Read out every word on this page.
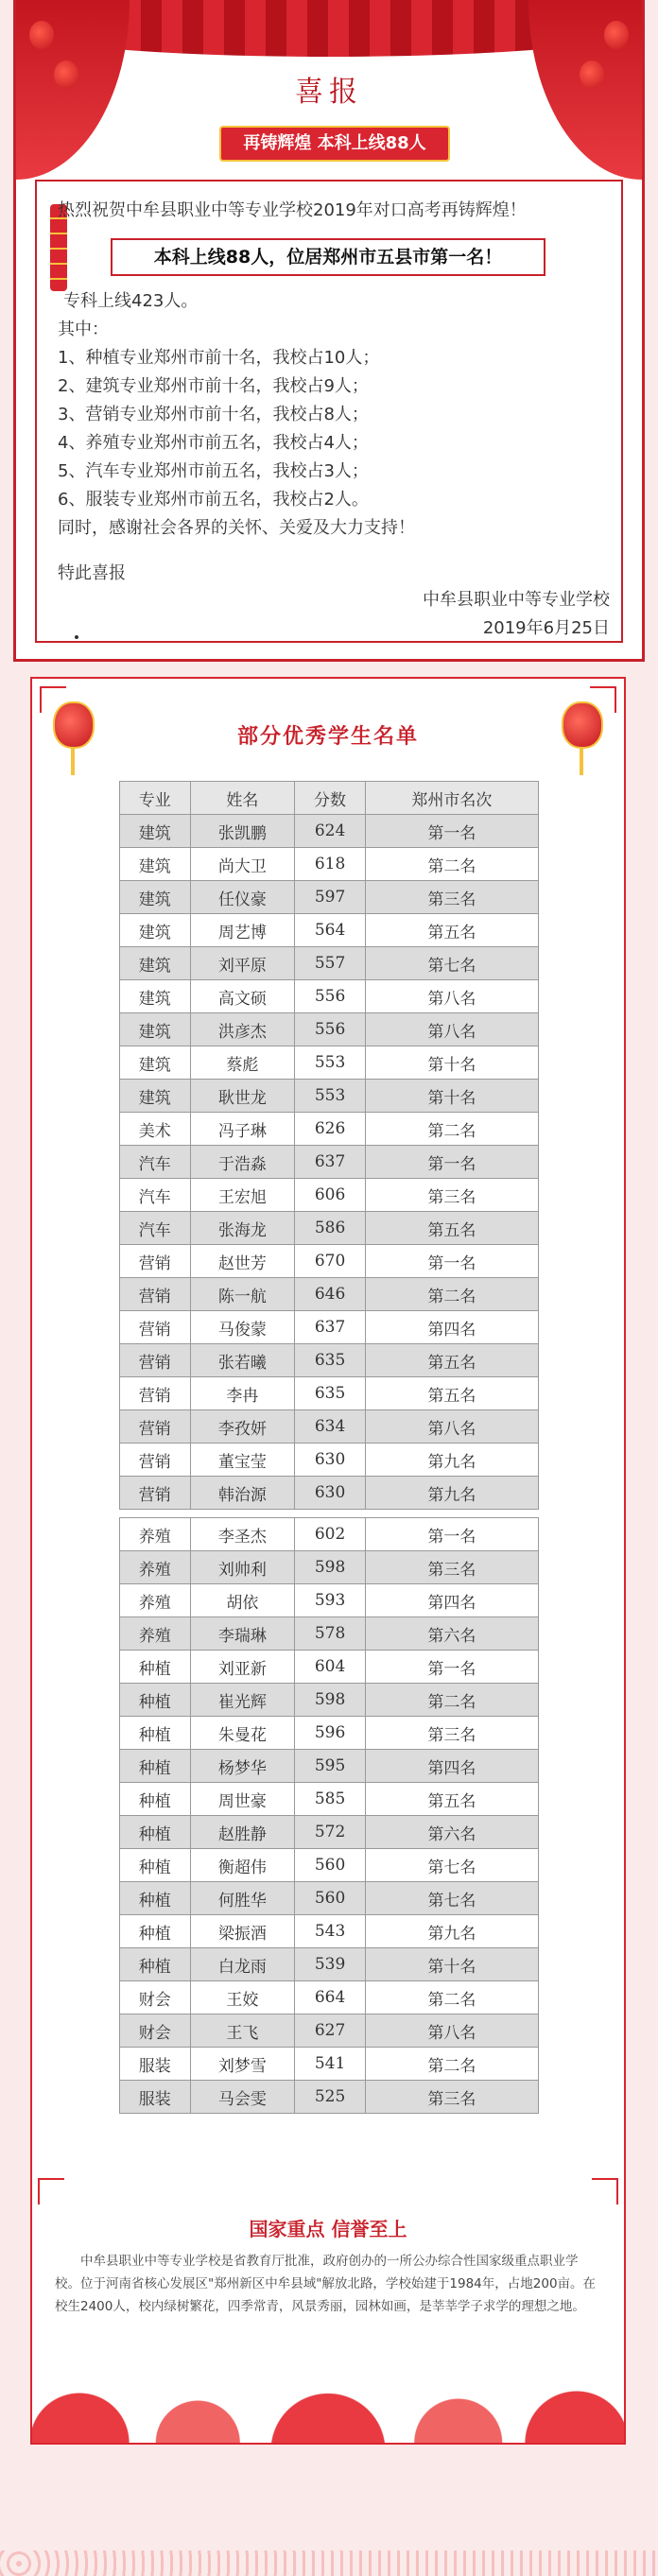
喜报
再铸辉煌 本科上线88人
热烈祝贺中牟县职业中等专业学校2019年对口高考再铸辉煌！
本科上线88人，位居郑州市五县市第一名！
专科上线423人。
其中：
1、种植专业郑州市前十名，我校占10人；
2、建筑专业郑州市前十名，我校占9人；
3、营销专业郑州市前十名，我校占8人；
4、养殖专业郑州市前五名，我校占4人；
5、汽车专业郑州市前五名，我校占3人；
6、服装专业郑州市前五名，我校占2人。
同时，感谢社会各界的关怀、关爱及大力支持！
特此喜报
中牟县职业中等专业学校
2019年6月25日
部分优秀学生名单
专业	姓名	分数	郑州市名次
建筑	张凯鹏	624	第一名
建筑	尚大卫	618	第二名
建筑	任仪豪	597	第三名
建筑	周艺博	564	第五名
建筑	刘平原	557	第七名
建筑	高文硕	556	第八名
建筑	洪彦杰	556	第八名
建筑	蔡彪	553	第十名
建筑	耿世龙	553	第十名
美术	冯子琳	626	第二名
汽车	于浩淼	637	第一名
汽车	王宏旭	606	第三名
汽车	张海龙	586	第五名
营销	赵世芳	670	第一名
营销	陈一航	646	第二名
营销	马俊蒙	637	第四名
营销	张若曦	635	第五名
营销	李冉	635	第五名
营销	李孜妍	634	第八名
营销	董宝莹	630	第九名
营销	韩治源	630	第九名

养殖	李圣杰	602	第一名
养殖	刘帅利	598	第三名
养殖	胡依	593	第四名
养殖	李瑞琳	578	第六名
种植	刘亚新	604	第一名
种植	崔光辉	598	第二名
种植	朱曼花	596	第三名
种植	杨梦华	595	第四名
种植	周世豪	585	第五名
种植	赵胜静	572	第六名
种植	衡超伟	560	第七名
种植	何胜华	560	第七名
种植	梁振酒	543	第九名
种植	白龙雨	539	第十名
财会	王姣	664	第二名
财会	王飞	627	第八名
服装	刘梦雪	541	第二名
服装	马会雯	525	第三名
国家重点 信誉至上
中牟县职业中等专业学校是省教育厅批准，政府创办的一所公办综合性国家级重点职业学校。位于河南省核心发展区"郑州新区中牟县域"解放北路，学校始建于1984年，占地200亩。在校生2400人，校内绿树繁花，四季常青，风景秀丽，园林如画，是莘莘学子求学的理想之地。
